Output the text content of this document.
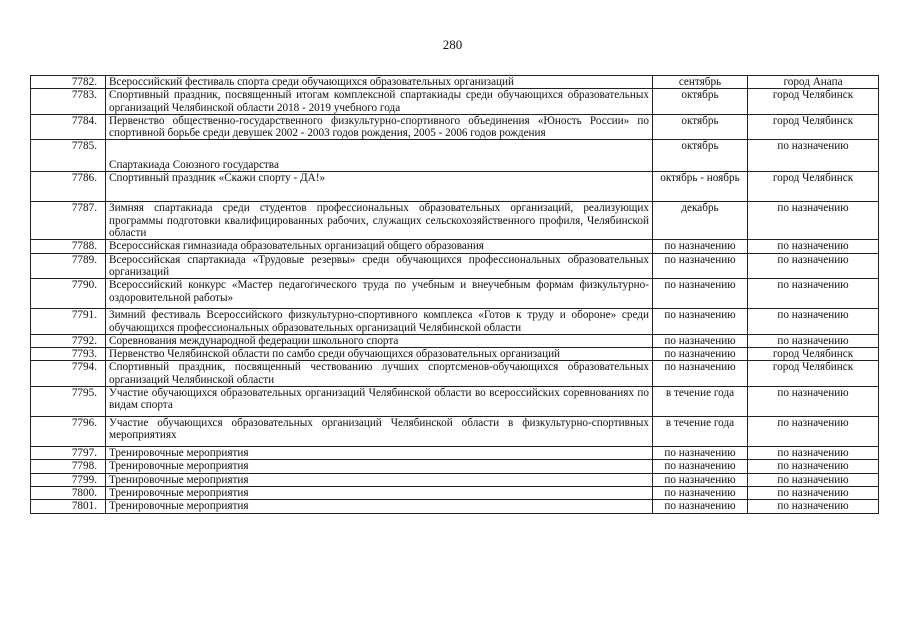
280
7782.	Всероссийский фестиваль спорта среди обучающихся образовательных организаций	сентябрь	город Анапа
7783.	Спортивный праздник, посвященный итогам комплексной спартакиады среди обучающихся образовательных организаций Челябинской области 2018 - 2019 учебного года	октябрь	город Челябинск
7784.	Первенство общественно-государственного физкультурно-спортивного объединения «Юность России» по спортивной борьбе среди девушек 2002 - 2003 годов рождения, 2005 - 2006 годов рождения	октябрь	город Челябинск
7785.	Спартакиада Союзного государства	октябрь	по назначению
7786.	Спортивный праздник «Скажи спорту - ДА!»	октябрь - ноябрь	город Челябинск
7787.	Зимняя спартакиада среди студентов профессиональных образовательных организаций, реализующих программы подготовки квалифицированных рабочих, служащих сельскохозяйственного профиля, Челябинской области	декабрь	по назначению
7788.	Всероссийская гимназиада образовательных организаций общего образования	по назначению	по назначению
7789.	Всероссийская спартакиада «Трудовые резервы» среди обучающихся профессиональных образовательных организаций	по назначению	по назначению
7790.	Всероссийский конкурс «Мастер педагогического труда по учебным и внеучебным формам физкультурно-оздоровительной работы»	по назначению	по назначению
7791.	Зимний фестиваль Всероссийского физкультурно-спортивного комплекса «Готов к труду и обороне» среди обучающихся профессиональных образовательных организаций Челябинской области	по назначению	по назначению
7792.	Соревнования международной федерации школьного спорта	по назначению	по назначению
7793.	Первенство Челябинской области по самбо среди обучающихся образовательных организаций	по назначению	город Челябинск
7794.	Спортивный праздник, посвященный чествованию лучших спортсменов-обучающихся образовательных организаций Челябинской области	по назначению	город Челябинск
7795.	Участие обучающихся образовательных организаций Челябинской области во всероссийских соревнованиях по видам спорта	в течение года	по назначению
7796.	Участие обучающихся образовательных организаций Челябинской области в физкультурно-спортивных мероприятиях	в течение года	по назначению
7797.	Тренировочные мероприятия	по назначению	по назначению
7798.	Тренировочные мероприятия	по назначению	по назначению
7799.	Тренировочные мероприятия	по назначению	по назначению
7800.	Тренировочные мероприятия	по назначению	по назначению
7801.	Тренировочные мероприятия	по назначению	по назначению
